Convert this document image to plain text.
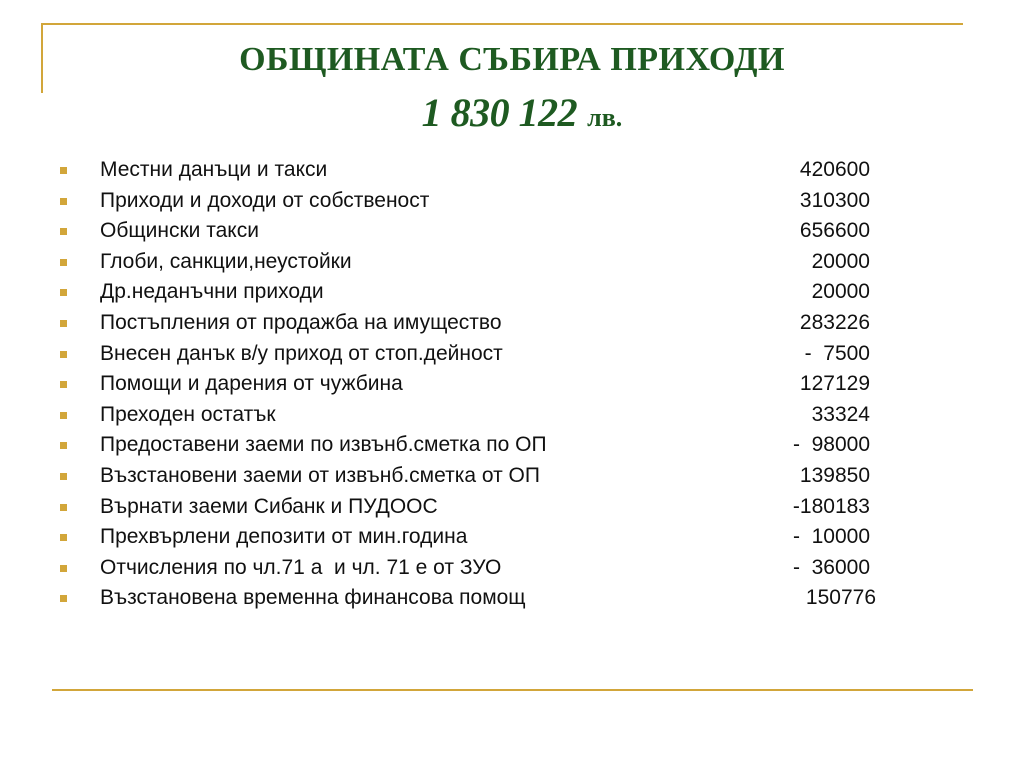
ОБЩИНАТА СЪБИРА ПРИХОДИ
1 830 122 лв.
Местни данъци и такси	420600
Приходи и доходи от собственост	310300
Общински такси	656600
Глоби, санкции,неустойки	20000
Др.неданъчни приходи	20000
Постъпления от продажба на имущество	283226
Внесен данък в/у приход от стоп.дейност	-  7500
Помощи и дарения от чужбина	127129
Преходен остатък	33324
Предоставени заеми по извънб.сметка по ОП	-  98000
Възстановени заеми от извънб.сметка от ОП	139850
Върнати заеми Сибанк и ПУДООС	-180183
Прехвърлени депозити от мин.година	-  10000
Отчисления по чл.71 а  и чл. 71 е от ЗУО	-  36000
Възстановена временна финансова помощ	150776
